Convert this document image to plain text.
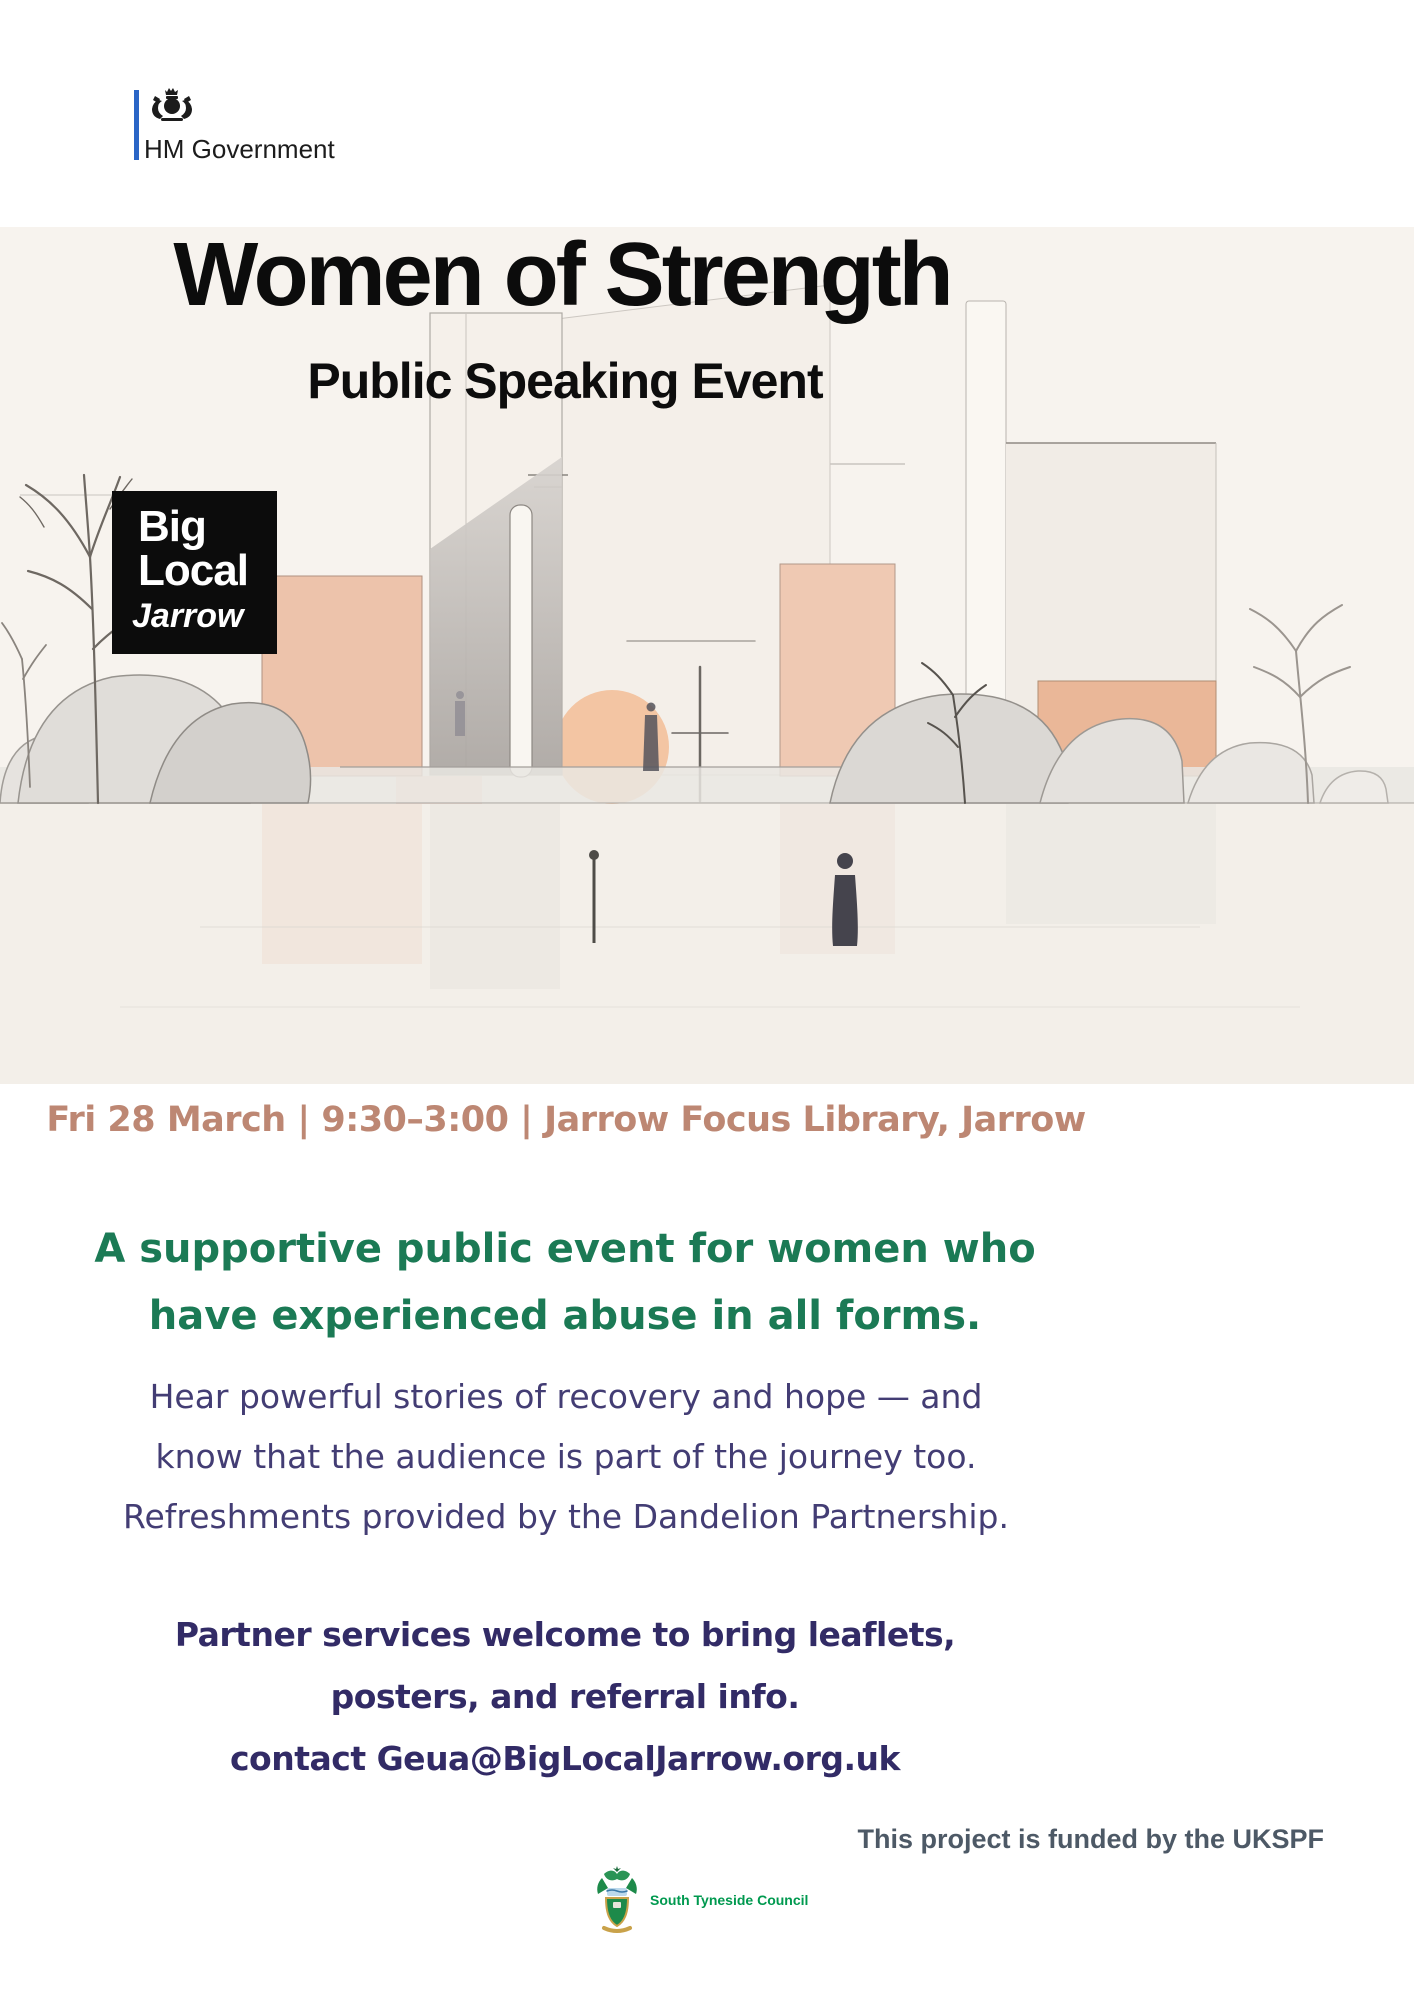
HM Government
Women of Strength
Public Speaking Event
Big
Local
Jarrow
Fri 28 March | 9:30–3:00 | Jarrow Focus Library, Jarrow
A supportive public event for women who
have experienced abuse in all forms.
Hear powerful stories of recovery and hope — and
know that the audience is part of the journey too.
Refreshments provided by the Dandelion Partnership.
Partner services welcome to bring leaflets,
posters, and referral info.
contact Geua@BigLocalJarrow.org.uk
This project is funded by the UKSPF
South Tyneside Council
